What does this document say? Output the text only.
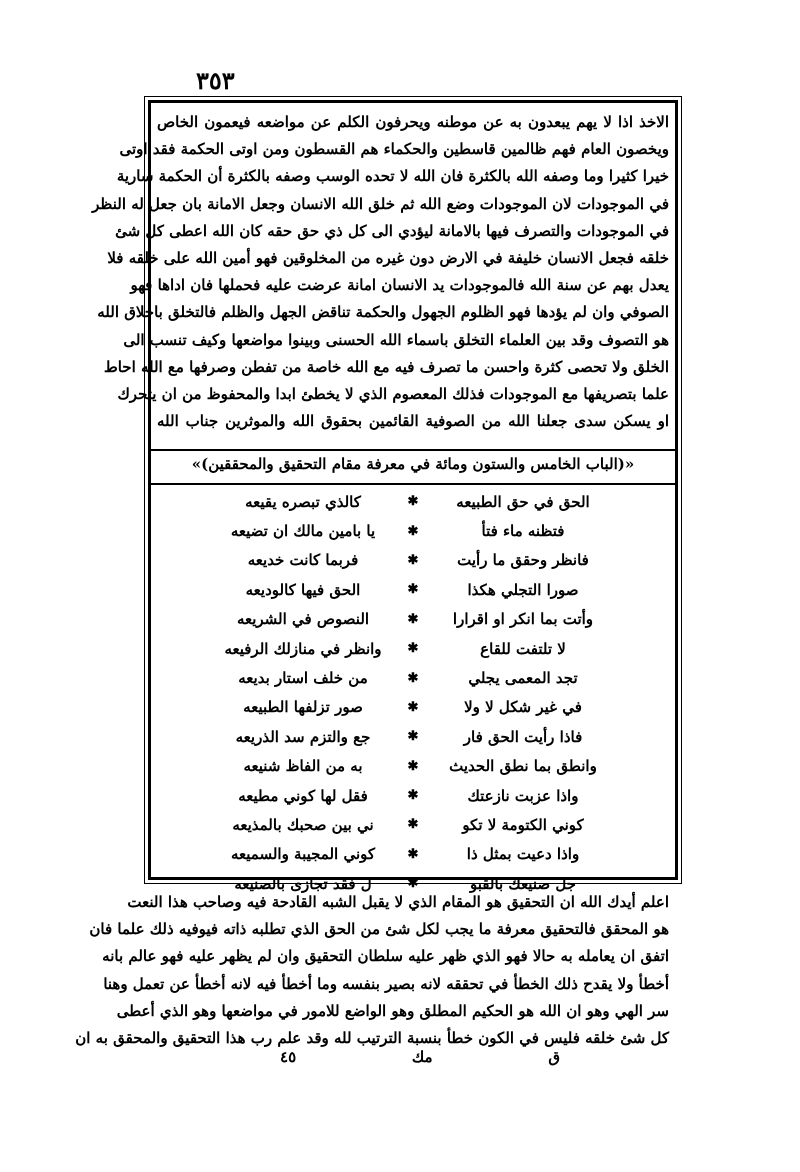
٣٥٣
الاخذ اذا لا يهم يبعدون به عن موطنه ويحرفون الكلم عن مواضعه فيعمون الخاص
ويخصون العام فهم ظالمين قاسطين والحكماء هم القسطون ومن اوتى الحكمة فقد اوتى
خيرا كثيرا وما وصفه الله بالكثرة فان الله لا تحده الوسب وصفه بالكثرة أن الحكمة سارية
في الموجودات لان الموجودات وضع الله ثم خلق الله الانسان وجعل الامانة بان جعل له النظر
في الموجودات والتصرف فيها بالامانة ليؤدي الى كل ذي حق حقه كان الله اعطى كل شئ
خلقه فجعل الانسان خليفة في الارض دون غيره من المخلوقين فهو أمين الله على خلقه فلا
يعدل بهم عن سنة الله فالموجودات يد الانسان امانة عرضت عليه فحملها فان اداها فهو
الصوفي وان لم يؤدها فهو الظلوم الجهول والحكمة تناقض الجهل والظلم فالتخلق باخلاق الله
هو التصوف وقد بين العلماء التخلق باسماء الله الحسنى وبينوا مواضعها وكيف تنسب الى
الخلق ولا تحصى كثرة واحسن ما تصرف فيه مع الله خاصة من تفطن وصرفها مع الله احاط
علما بتصريفها مع الموجودات فذلك المعصوم الذي لا يخطئ ابدا والمحفوظ من ان يتحرك
او يسكن سدى جعلنا الله من الصوفية القائمين بحقوق الله والموثرين جناب الله
«(الباب الخامس والستون ومائة في معرفة مقام التحقيق والمحققين)»
الحق في حق الطبيعه
✱
كالذي تبصره يقيعه
فتظنه ماء فتأ
✱
يا بامين مالك ان تضيعه
فانظر وحقق ما رأيت
✱
فربما كانت خديعه
صورا التجلي هكذا
✱
الحق فيها كالوديعه
وأتت بما انكر او اقرارا
✱
النصوص في الشريعه
لا تلتفت للقاع
✱
وانظر في منازلك الرفيعه
تجد المعمى يجلي
✱
من خلف استار بديعه
في غير شكل لا ولا
✱
صور تزلفها الطبيعه
فاذا رأيت الحق فار
✱
جع والتزم سد الذريعه
وانطق بما نطق الحديث
✱
به من الفاظ شنيعه
واذا عزبت نازعتك
✱
فقل لها كوني مطيعه
كوني الكتومة لا تكو
✱
ني بين صحبك بالمذيعه
واذا دعيت بمثل ذا
✱
كوني المجيبة والسميعه
جل صنيعك بالقبو
✱
ل فقد تجازى بالصنيعه
اعلم أيدك الله ان التحقيق هو المقام الذي لا يقبل الشبه القادحة فيه وصاحب هذا النعت
هو المحقق فالتحقيق معرفة ما يجب لكل شئ من الحق الذي تطلبه ذاته فيوفيه ذلك علما فان
اتفق ان يعامله به حالا فهو الذي ظهر عليه سلطان التحقيق وان لم يظهر عليه فهو عالم بانه
أخطأ ولا يقدح ذلك الخطأ في تحققه لانه بصير بنفسه وما أخطأ فيه لانه أخطأ عن تعمل وهنا
سر الهي وهو ان الله هو الحكيم المطلق وهو الواضع للامور في مواضعها وهو الذي أعطى
كل شئ خلقه فليس في الكون خطأ بنسبة الترتيب لله وقد علم رب هذا التحقيق والمحقق به ان
ق
مك
٤٥
